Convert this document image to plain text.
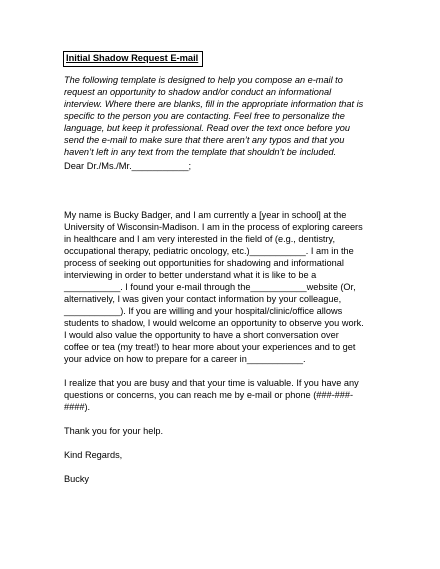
Initial Shadow Request E-mail
The following template is designed to help you compose an e-mail to
request an opportunity to shadow and/or conduct an informational
interview. Where there are blanks, fill in the appropriate information that is
specific to the person you are contacting. Feel free to personalize the
language, but keep it professional. Read over the text once before you
send the e-mail to make sure that there aren’t any typos and that you
haven’t left in any text from the template that shouldn’t be included.
Dear Dr./Ms./Mr.___________;

My name is Bucky Badger, and I am currently a [year in school] at the
University of Wisconsin-Madison. I am in the process of exploring careers
in healthcare and I am very interested in the field of (e.g., dentistry,
occupational therapy, pediatric oncology, etc.)___________. I am in the
process of seeking out opportunities for shadowing and informational
interviewing in order to better understand what it is like to be a
___________. I found your e-mail through the___________website (Or,
alternatively, I was given your contact information by your colleague,
___________). If you are willing and your hospital/clinic/office allows
students to shadow, I would welcome an opportunity to observe you work.
I would also value the opportunity to have a short conversation over
coffee or tea (my treat!) to hear more about your experiences and to get
your advice on how to prepare for a career in___________.

I realize that you are busy and that your time is valuable. If you have any
questions or concerns, you can reach me by e-mail or phone (###-###-
####).

Thank you for your help.

Kind Regards,

Bucky
